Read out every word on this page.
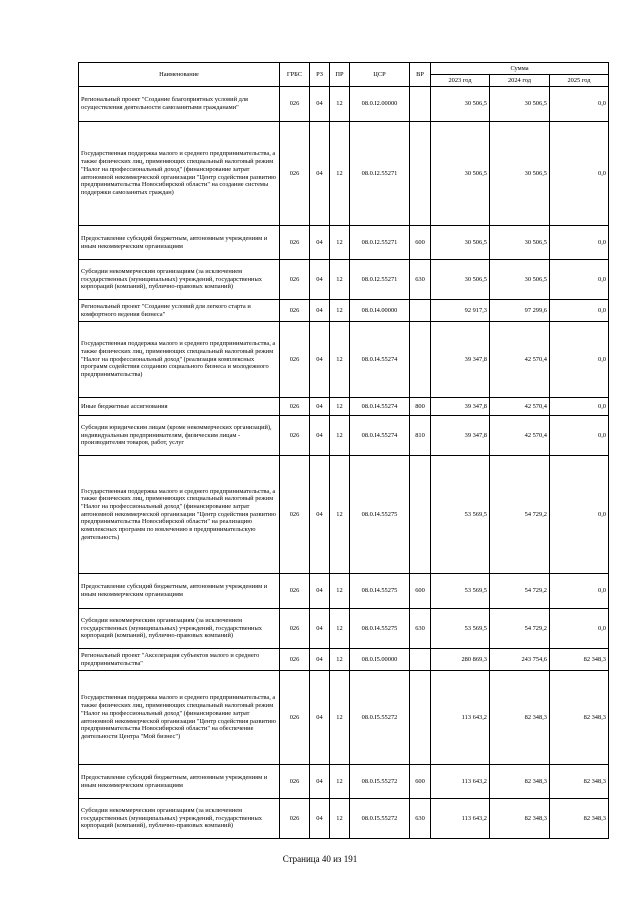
Наименование	ГРБС	РЗ	ПР	ЦСР	ВР	Сумма		
						2023 год	2024 год	2025 год
Региональный проект "Создание благоприятных условий для осуществления деятельности самозанятыми гражданами"	026	04	12	08.0.I2.00000		30 506,5	30 506,5	0,0
Государственная поддержка малого и среднего предпринимательства, а также физических лиц, применяющих специальный налоговый режим "Налог на профессиональный доход" (финансирование затрат автономной некоммерческой организации "Центр содействия развитию предпринимательства Новосибирской области" на создание системы поддержки самозанятых граждан)	026	04	12	08.0.I2.55271		30 506,5	30 506,5	0,0
Предоставление субсидий бюджетным, автономным учреждениям и иным некоммерческим организациям	026	04	12	08.0.I2.55271	600	30 506,5	30 506,5	0,0
Субсидии некоммерческим организациям (за исключением государственных (муниципальных) учреждений, государственных корпораций (компаний), публично-правовых компаний)	026	04	12	08.0.I2.55271	630	30 506,5	30 506,5	0,0
Региональный проект "Создание условий для легкого старта и комфортного ведения бизнеса"	026	04	12	08.0.I4.00000		92 917,3	97 299,6	0,0
Государственная поддержка малого и среднего предпринимательства, а также физических лиц, применяющих специальный налоговый режим "Налог на профессиональный доход" (реализация комплексных программ содействия созданию социального бизнеса и молодежного предпринимательства)	026	04	12	08.0.I4.55274		39 347,8	42 570,4	0,0
Иные бюджетные ассигнования	026	04	12	08.0.I4.55274	800	39 347,8	42 570,4	0,0
Субсидии юридическим лицам (кроме некоммерческих организаций), индивидуальным предпринимателям, физическим лицам - производителям товаров, работ, услуг	026	04	12	08.0.I4.55274	810	39 347,8	42 570,4	0,0
Государственная поддержка малого и среднего предпринимательства, а также физических лиц, применяющих специальный налоговый режим "Налог на профессиональный доход" (финансирование затрат автономной некоммерческой организации "Центр содействия развитию предпринимательства Новосибирской области" на реализацию комплексных программ по вовлечению в предпринимательскую деятельность)	026	04	12	08.0.I4.55275		53 569,5	54 729,2	0,0
Предоставление субсидий бюджетным, автономным учреждениям и иным некоммерческим организациям	026	04	12	08.0.I4.55275	600	53 569,5	54 729,2	0,0
Субсидии некоммерческим организациям (за исключением государственных (муниципальных) учреждений, государственных корпораций (компаний), публично-правовых компаний)	026	04	12	08.0.I4.55275	630	53 569,5	54 729,2	0,0
Региональный проект "Акселерация субъектов малого и среднего предпринимательства"	026	04	12	08.0.I5.00000		280 869,3	243 754,6	82 348,3
Государственная поддержка малого и среднего предпринимательства, а также физических лиц, применяющих специальный налоговый режим "Налог на профессиональный доход" (финансирование затрат автономной некоммерческой организации "Центр содействия развитию предпринимательства Новосибирской области" на обеспечение деятельности Центра "Мой бизнес")	026	04	12	08.0.I5.55272		113 643,2	82 348,3	82 348,3
Предоставление субсидий бюджетным, автономным учреждениям и иным некоммерческим организациям	026	04	12	08.0.I5.55272	600	113 643,2	82 348,3	82 348,3
Субсидии некоммерческим организациям (за исключением государственных (муниципальных) учреждений, государственных корпораций (компаний), публично-правовых компаний)	026	04	12	08.0.I5.55272	630	113 643,2	82 348,3	82 348,3
Страница 40 из 191
